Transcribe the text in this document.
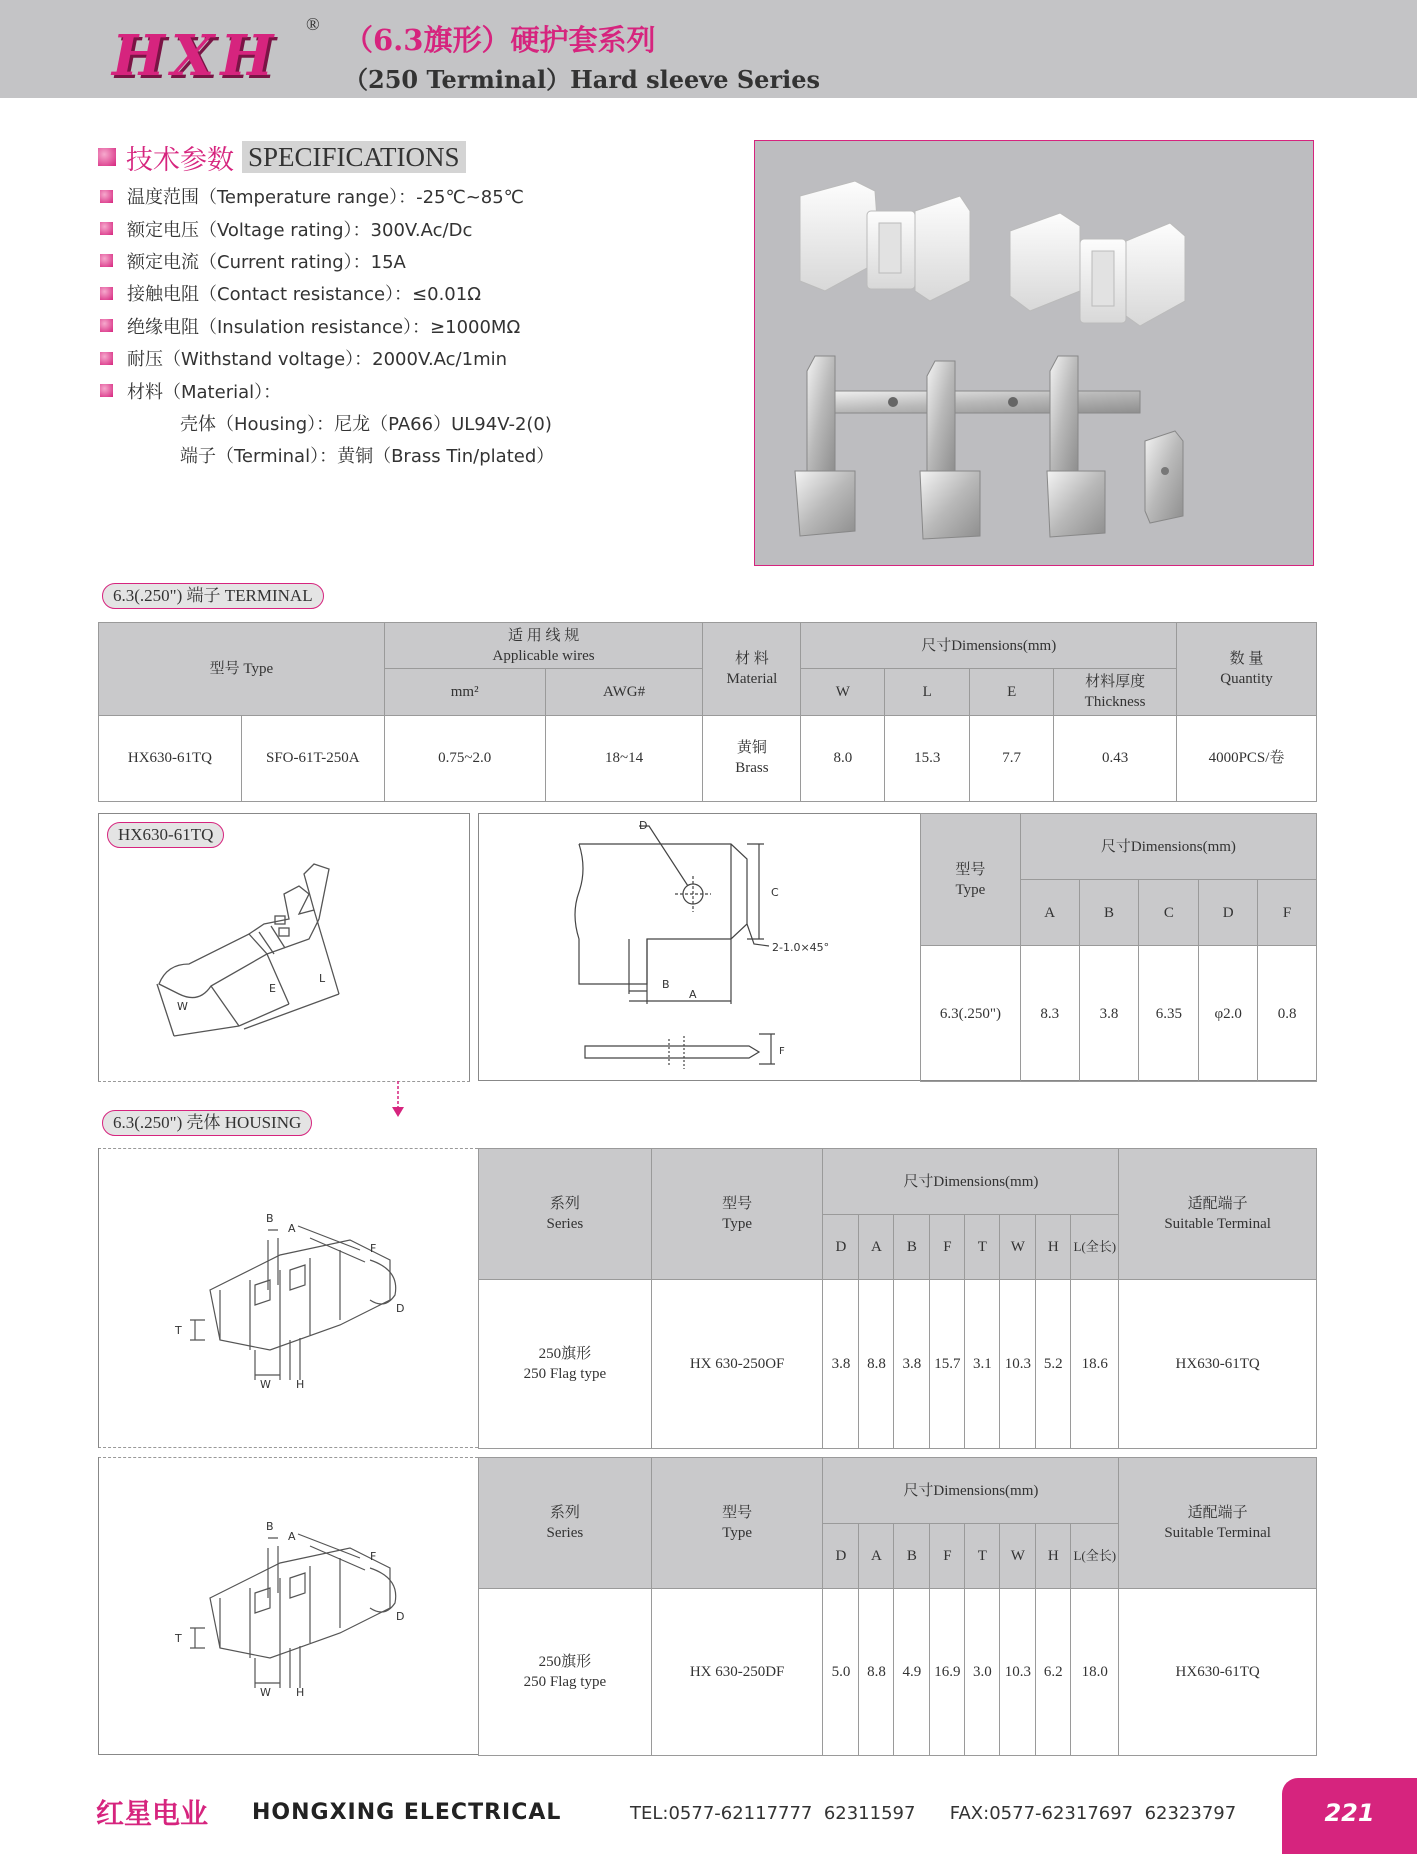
HXH ® （6.3旗形）硬护套系列
（250 Terminal）Hard sleeve Series
技术参数 SPECIFICATIONS
温度范围（Temperature range）：-25℃~85℃
额定电压（Voltage rating）：300V.Ac/Dc
额定电流（Current rating）：15A
接触电阻（Contact resistance）：≤0.01Ω
绝缘电阻（Insulation resistance）：≥1000MΩ
耐压（Withstand voltage）：2000V.Ac/1min
材料（Material）：
壳体（Housing）：尼龙（PA66）UL94V-2(0)
端子（Terminal）：黄铜（Brass Tin/plated）
6.3(.250") 端子 TERMINAL
型号 Type		适 用 线 规
Applicable wires		材 料
Material	尺寸Dimensions(mm)				数 量
Quantity
		mm²	AWG#		W	L	E	材料厚度
Thickness	
HX630-61TQ	SFO-61T-250A	0.75~2.0	18~14	黄铜
Brass	8.0	15.3	7.7	0.43	4000PCS/卷
W
E
L
HX630-61TQ	D
C
2-1.0×45°
B
A
F
型号
Type	尺寸Dimensions(mm)				
	A	B	C	D	F
6.3(.250")	8.3	3.8	6.35	φ2.0	0.8
6.3(.250") 壳体 HOUSING
B
A
F
D
T
W H
B
A
F
D
T
W H
系列
Series	型号
Type	尺寸Dimensions(mm)								适配端子
Suitable Terminal
		D	A	B	F	T	W	H	L(全长)	
250旗形
250 Flag type	HX 630-250OF	3.8	8.8	3.8	15.7	3.1	10.3	5.2	18.6	HX630-61TQ
系列
Series	型号
Type	尺寸Dimensions(mm)								适配端子
Suitable Terminal
		D	A	B	F	T	W	H	L(全长)	
250旗形
250 Flag type	HX 630-250DF	5.0	8.8	4.9	16.9	3.0	10.3	6.2	18.0	HX630-61TQ
红星电业 HONGXING ELECTRICAL	TEL:0577-62117777  62311597 FAX:0577-62317697  62323797	221
